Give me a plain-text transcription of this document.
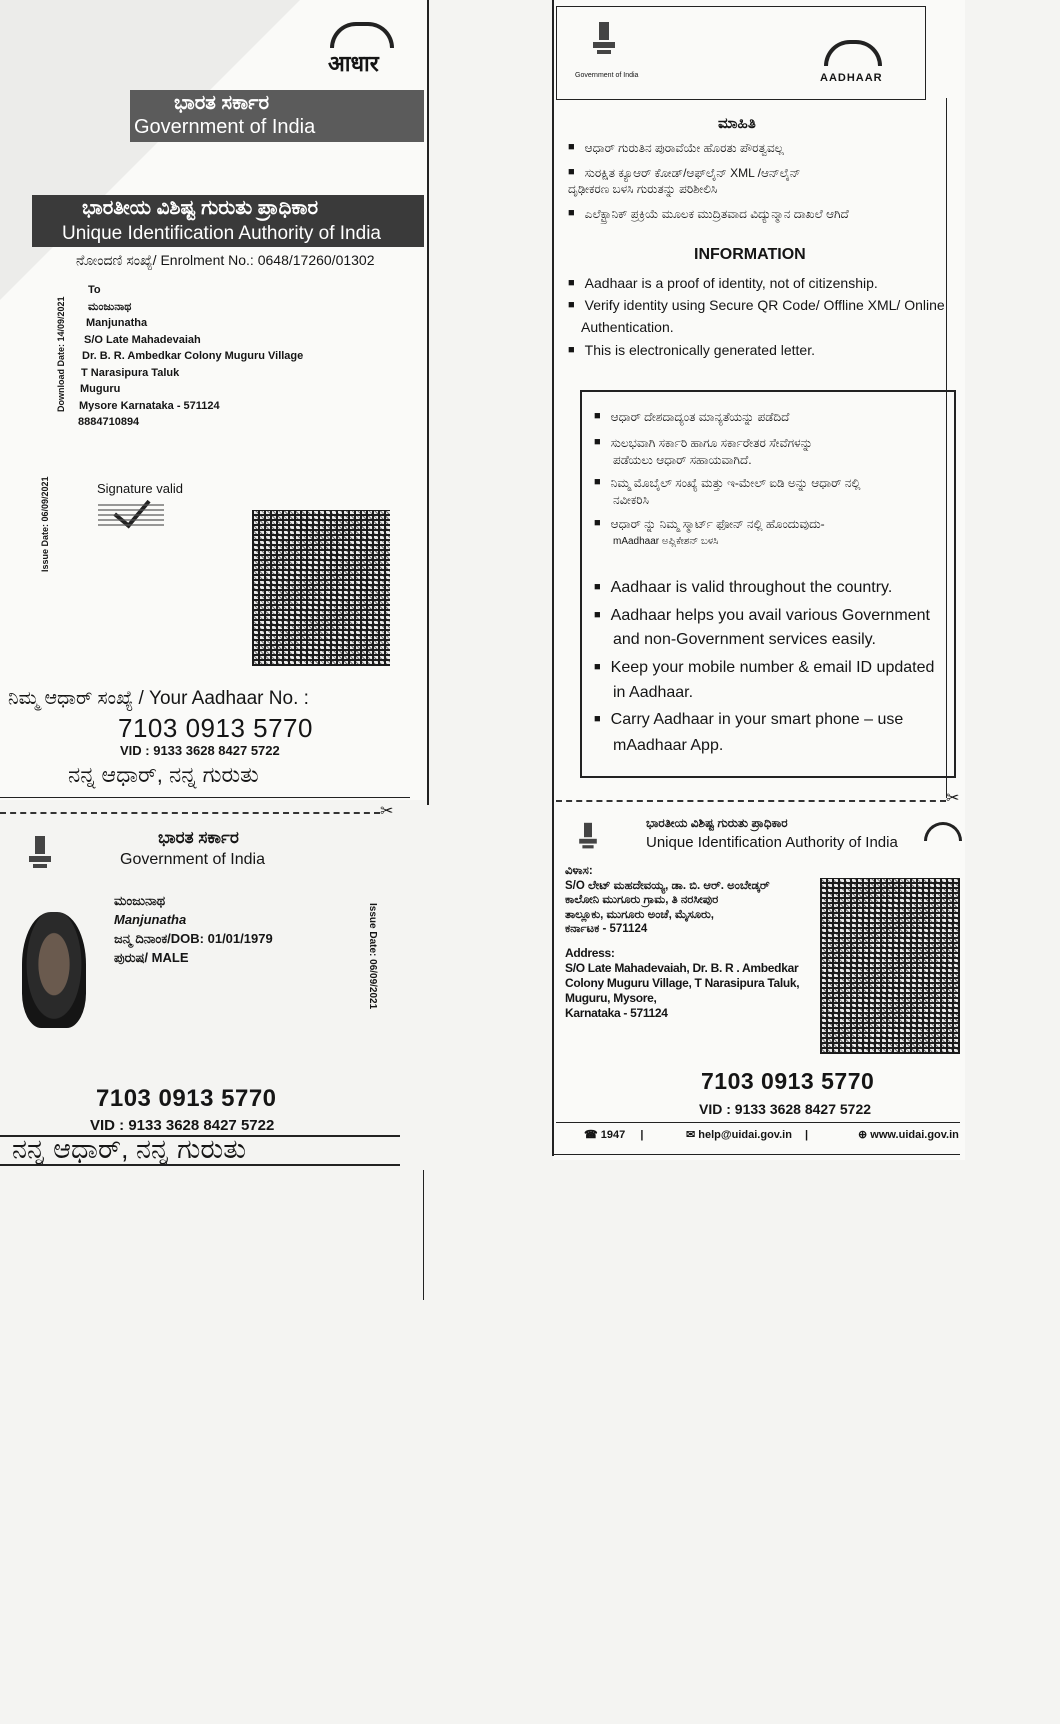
आधार
ಭಾರತ ಸರ್ಕಾರ
Government of India
ಭಾರತೀಯ ವಿಶಿಷ್ಟ ಗುರುತು ಪ್ರಾಧಿಕಾರ
Unique Identification Authority of India
ನೋಂದಣಿ ಸಂಖ್ಯೆ/ Enrolment No.: 0648/17260/01302
Download Date: 14/09/2021
Issue Date: 06/09/2021
To
ಮಂಜುನಾಥ
Manjunatha
S/O Late Mahadevaiah
Dr. B. R. Ambedkar Colony Muguru Village
T Narasipura Taluk
Muguru
Mysore Karnataka - 571124
8884710894
Signature valid
ನಿಮ್ಮ ಆಧಾರ್ ಸಂಖ್ಯೆ / Your Aadhaar No. :
7103 0913 5770
VID : 9133 3628 8427 5722
ನನ್ನ ಆಧಾರ್, ನನ್ನ ಗುರುತು
✂
ಭಾರತ ಸರ್ಕಾರ
Government of India
ಮಂಜುನಾಥ
Manjunatha
ಜನ್ಮ ದಿನಾಂಕ/DOB: 01/01/1979
ಪುರುಷ/ MALE	Issue Date: 06/09/2021
7103 0913 5770
VID : 9133 3628 8427 5722
ನನ್ನ ಆಧಾರ್, ನನ್ನ ಗುರುತು
Government of India	AADHAAR
ಮಾಹಿತಿ
■ ಆಧಾರ್ ಗುರುತಿನ ಪುರಾವೆಯೇ ಹೊರತು ಪೌರತ್ವವಲ್ಲ
■ ಸುರಕ್ಷಿತ ಕ್ಯೂಆರ್ ಕೋಡ್/ಆಫ್‌ಲೈನ್ XML /ಆನ್‌ಲೈನ್ ದೃಢೀಕರಣ ಬಳಸಿ ಗುರುತನ್ನು ಪರಿಶೀಲಿಸಿ
■ ಎಲೆಕ್ಟ್ರಾನಿಕ್ ಪ್ರಕ್ರಿಯೆ ಮೂಲಕ ಮುದ್ರಿತವಾದ ವಿದ್ಯುನ್ಮಾನ ದಾಖಲೆ ಆಗಿದೆ
INFORMATION
■ Aadhaar is a proof of identity, not of citizenship.
■ Verify identity using Secure QR Code/ Offline XML/ Online
Authentication.
■ This is electronically generated letter.
■ ಆಧಾರ್ ದೇಶದಾದ್ಯಂತ ಮಾನ್ಯತೆಯನ್ನು ಪಡೆದಿದೆ
■ ಸುಲಭವಾಗಿ ಸರ್ಕಾರಿ ಹಾಗೂ ಸರ್ಕಾರೇತರ ಸೇವೆಗಳನ್ನು
ಪಡೆಯಲು ಆಧಾರ್ ಸಹಾಯವಾಗಿದೆ.
■ ನಿಮ್ಮ ಮೊಬೈಲ್ ಸಂಖ್ಯೆ ಮತ್ತು ಇ-ಮೇಲ್ ಐಡಿ ಅನ್ನು ಆಧಾರ್ ನಲ್ಲಿ
ನವೀಕರಿಸಿ
■ ಆಧಾರ್ ನ್ನು ನಿಮ್ಮ ಸ್ಮಾರ್ಟ್ ಫೋನ್ ನಲ್ಲಿ ಹೊಂದುವುದು-
mAadhaar ಅಪ್ಲಿಕೇಶನ್ ಬಳಸಿ
■ Aadhaar is valid throughout the country.
■ Aadhaar helps you avail various Government
and non-Government services easily.
■ Keep your mobile number & email ID updated
in Aadhaar.
■ Carry Aadhaar in your smart phone – use
mAadhaar App.
✂
ಭಾರತೀಯ ವಿಶಿಷ್ಟ ಗುರುತು ಪ್ರಾಧಿಕಾರ
Unique Identification Authority of India
ವಿಳಾಸ:
S/O ಲೇಟ್ ಮಹದೇವಯ್ಯ, ಡಾ. ಬಿ. ಆರ್. ಅಂಬೇಡ್ಕರ್
ಕಾಲೋನಿ ಮುಗೂರು ಗ್ರಾಮ, ತಿ ನರಸೀಪುರ
ತಾಲ್ಲೂಕು, ಮುಗೂರು ಅಂಚೆ, ಮೈಸೂರು,
ಕರ್ನಾಟಕ - 571124
Address:
S/O Late Mahadevaiah, Dr. B. R . Ambedkar
Colony Muguru Village, T Narasipura Taluk,
Muguru, Mysore,
Karnataka - 571124
7103 0913 5770
VID : 9133 3628 8427 5722
☎ 1947 |	✉ help@uidai.gov.in |	⊕ www.uidai.gov.in
